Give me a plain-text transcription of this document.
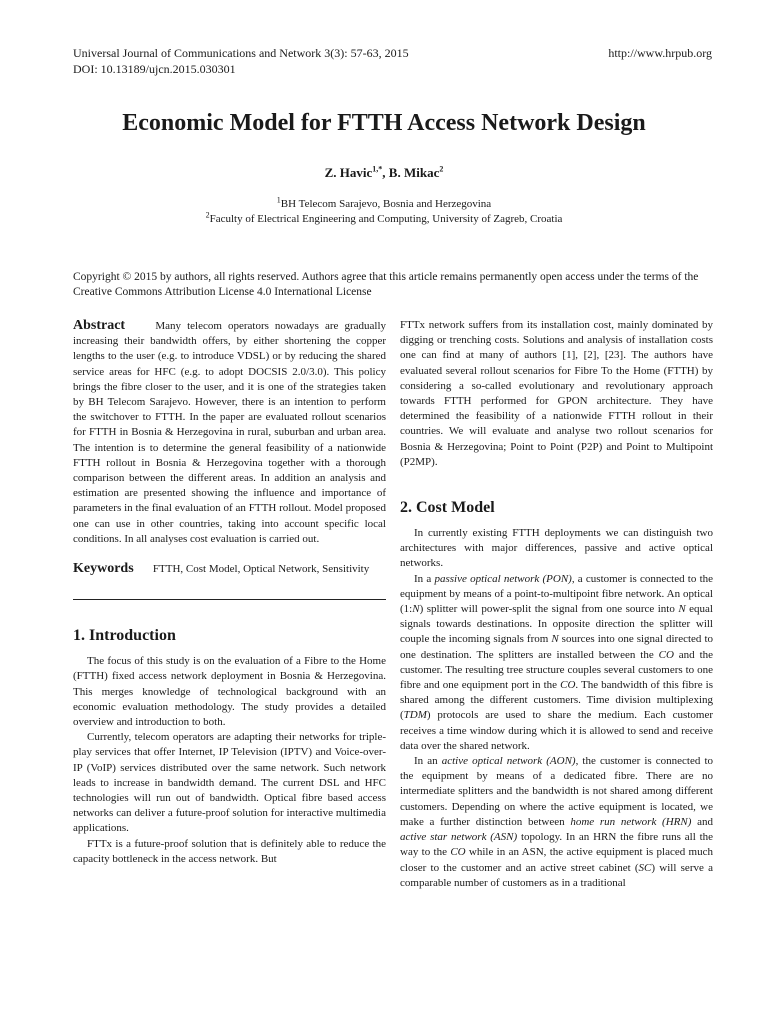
Universal Journal of Communications and Network 3(3): 57-63, 2015
DOI: 10.13189/ujcn.2015.030301
http://www.hrpub.org
Economic Model for FTTH Access Network Design
Z. Havic$^{1,*}$, B. Mikac$^2$
$^1$BH Telecom Sarajevo, Bosnia and Herzegovina
$^2$Faculty of Electrical Engineering and Computing, University of Zagreb, Croatia
Copyright © 2015 by authors, all rights reserved. Authors agree that this article remains permanently open access under the terms of the Creative Commons Attribution License 4.0 International License

Abstract	Many telecom operators nowadays are gradually increasing their bandwidth offers, by either shortening the copper lengths to the user (e.g. to introduce VDSL) or by reducing the shared service areas for HFC (e.g. to adopt DOCSIS 2.0/3.0). This policy brings the fibre closer to the user, and it is one of the strategies taken by BH Telecom Sarajevo. However, there is an intention to perform the switchover to FTTH. In the paper are evaluated rollout scenarios for FTTH in Bosnia & Herzegovina in rural, suburban and urban area. The intention is to determine the general feasibility of a nationwide FTTH rollout in Bosnia & Herzegovina together with a thorough comparison between the different areas. In addition an analysis and estimation are presented showing the influence and importance of parameters in the final evaluation of an FTTH rollout. Model proposed one can use in other countries, taking into account specific local conditions. In all analyses cost evaluation is carried out.

Keywords FTTH, Cost Model, Optical Network, Sensitivity

1. Introduction

The focus of this study is on the evaluation of a Fibre to the Home (FTTH) fixed access network deployment in Bosnia & Herzegovina. This merges knowledge of technological background with an economic evaluation methodology. The study provides a detailed overview and introduction to both.

Currently, telecom operators are adapting their networks for triple-play services that offer Internet, IP Television (IPTV) and Voice-over-IP (VoIP) services distributed over the same network. Such network leads to increase in bandwidth demand. The current DSL and HFC technologies will run out of bandwidth. Optical fibre based access networks can deliver a future-proof solution for interactive multimedia applications.

FTTx is a future-proof solution that is definitely able to reduce the capacity bottleneck in the access network. But

FTTx network suffers from its installation cost, mainly dominated by digging or trenching costs. Solutions and analysis of installation costs one can find at many of authors [1], [2], [23]. The authors have evaluated several rollout scenarios for Fibre To the Home (FTTH) by considering a so-called evolutionary and revolutionary approach towards FTTH performed for GPON architecture. They have determined the feasibility of a nationwide FTTH rollout in their countries. We will evaluate and analyse two rollout scenarios for Bosnia & Herzegovina; Point to Point (P2P) and Point to Multipoint (P2MP).

2. Cost Model

In currently existing FTTH deployments we can distinguish two architectures with major differences, passive and active optical networks.

In a passive optical network (PON), a customer is connected to the equipment by means of a point-to-multipoint fibre network. An optical (1:N) splitter will power-split the signal from one source into N equal signals towards destinations. In opposite direction the splitter will couple the incoming signals from N sources into one signal directed to one destination. The splitters are installed between the CO and the customer. The resulting tree structure couples several customers to one fibre and one equipment port in the CO. The bandwidth of this fibre is shared among the different customers. Time division multiplexing (TDM) protocols are used to share the medium. Each customer receives a time window during which it is allowed to send and receive data over the shared network.

In an active optical network (AON), the customer is connected to the equipment by means of a dedicated fibre. There are no intermediate splitters and the bandwidth is not shared among different customers. Depending on where the active equipment is located, we make a further distinction between home run network (HRN) and active star network (ASN) topology. In an HRN the fibre runs all the way to the CO while in an ASN, the active equipment is placed much closer to the customer and an active street cabinet (SC) will serve a comparable number of customers as in a traditional
